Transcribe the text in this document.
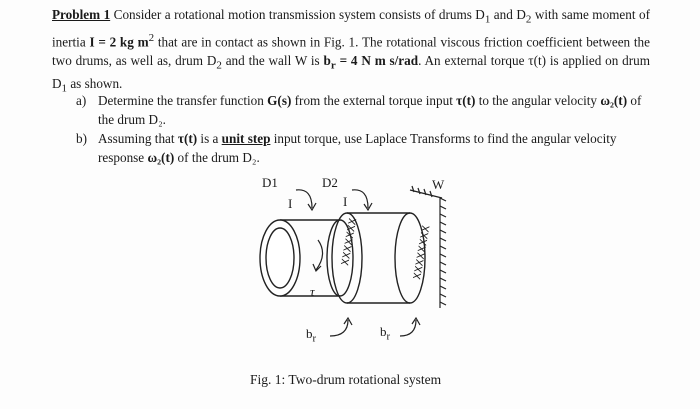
Problem 1 Consider a rotational motion transmission system consists of drums $D_1$ and $D_2$ with same moment of inertia I = 2 kg $m^2$ that are in contact as shown in Fig. 1. The rotational viscous friction coefficient between the two drums, as well as, drum $D_2$ and the wall W is $b_r = 4$ N m s/rad. An external torque τ(t) is applied on drum $D_1$ as shown.
a) Determine the transfer function G(s) from the external torque input τ(t) to the angular velocity ω₂(t) of the drum D₂.
b) Assuming that τ(t) is a unit step input torque, use Laplace Transforms to find the angular velocity response ω₂(t) of the drum D₂.
XXXXXXX	XXXXXXXX
D1	D2
I	I
W
τ
$b_r$	$b_r$
Fig. 1: Two-drum rotational system
